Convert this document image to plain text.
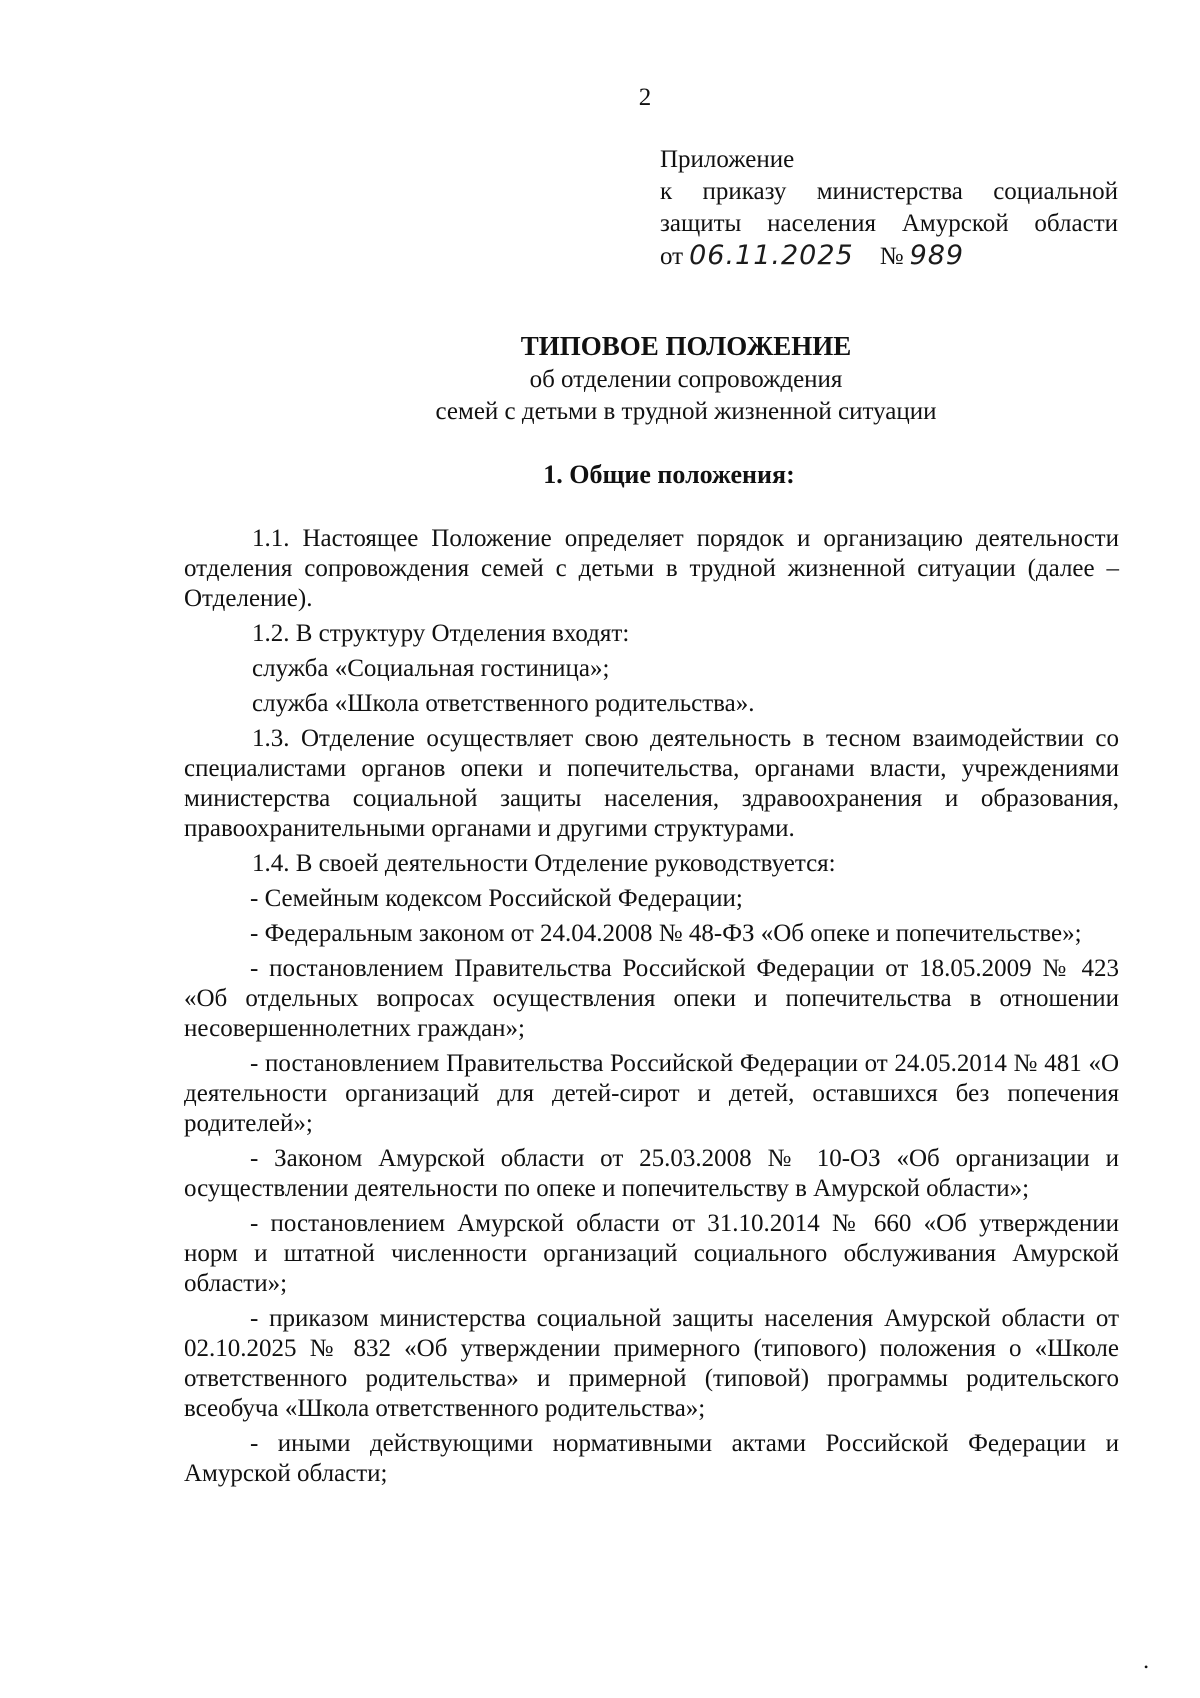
2
Приложение
к приказу министерства социальной
защиты населения Амурской области
от 06.11.2025 № 989
ТИПОВОЕ ПОЛОЖЕНИЕ
об отделении сопровождения
семей с детьми в трудной жизненной ситуации
1. Общие положения:

1.1. Настоящее Положение определяет порядок и организацию деятельности отделения сопровождения семей с детьми в трудной жизненной ситуации (далее – Отделение).

1.2. В структуру Отделения входят:

служба «Социальная гостиница»;

служба «Школа ответственного родительства».

1.3. Отделение осуществляет свою деятельность в тесном взаимодействии со специалистами органов опеки и попечительства, органами власти, учреждениями министерства социальной защиты населения, здравоохранения и образования, правоохранительными органами и другими структурами.

1.4. В своей деятельности Отделение руководствуется:

- Семейным кодексом Российской Федерации;

- Федеральным законом от 24.04.2008 № 48-ФЗ «Об опеке и попечительстве»;

- постановлением Правительства Российской Федерации от 18.05.2009 № 423 «Об отдельных вопросах осуществления опеки и попечительства в отношении несовершеннолетних граждан»;

- постановлением Правительства Российской Федерации от 24.05.2014 № 481 «О деятельности организаций для детей-сирот и детей, оставшихся без попечения родителей»;

- Законом Амурской области от 25.03.2008 № 10-ОЗ «Об организации и осуществлении деятельности по опеке и попечительству в Амурской области»;

- постановлением Амурской области от 31.10.2014 № 660 «Об утверждении норм и штатной численности организаций социального обслуживания Амурской области»;

- приказом министерства социальной защиты населения Амурской области от 02.10.2025 № 832 «Об утверждении примерного (типового) положения о «Школе ответственного родительства» и примерной (типовой) программы родительского всеобуча «Школа ответственного родительства»;

- иными действующими нормативными актами Российской Федерации и Амурской области;

•
